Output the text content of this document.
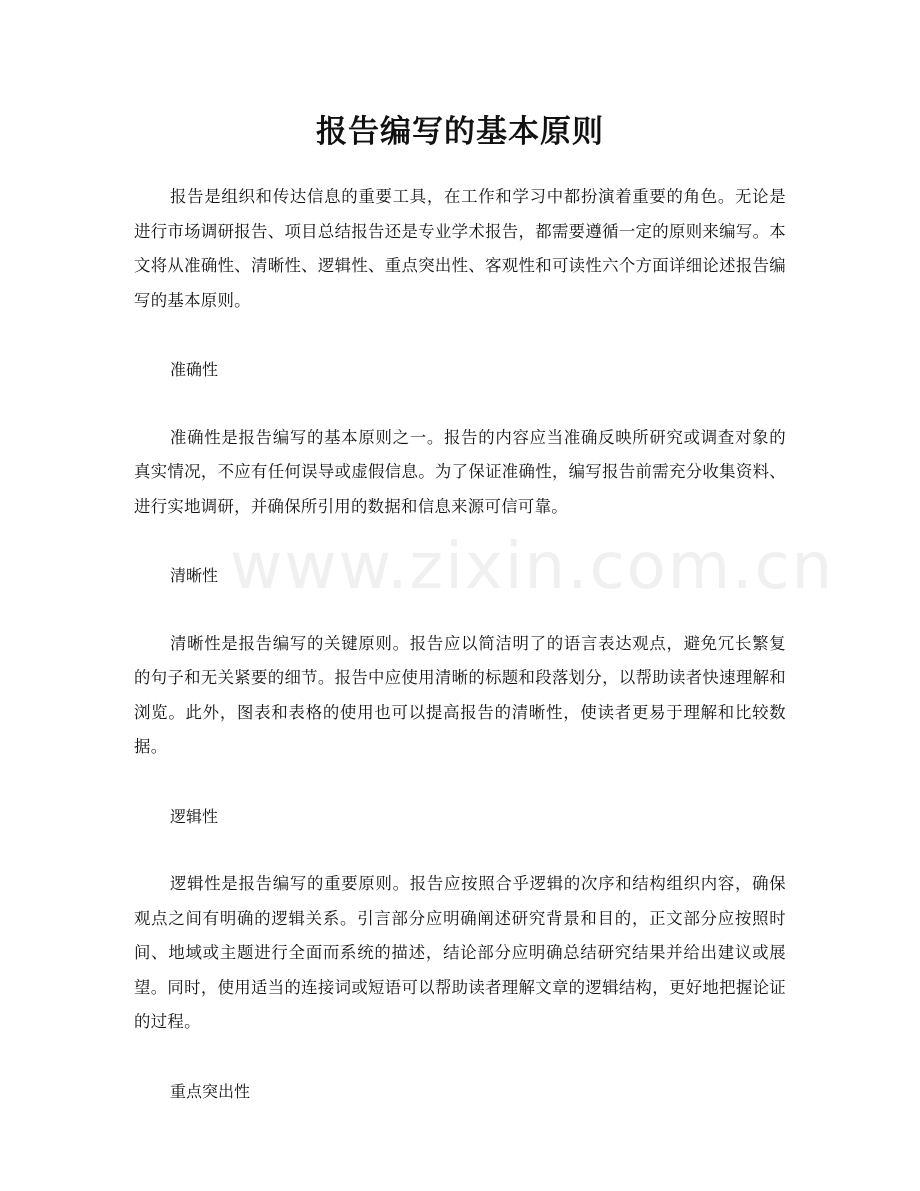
www.zixin.com.cn
报告编写的基本原则

报告是组织和传达信息的重要工具，在工作和学习中都扮演着重要的角色。无论是进行市场调研报告、项目总结报告还是专业学术报告，都需要遵循一定的原则来编写。本文将从准确性、清晰性、逻辑性、重点突出性、客观性和可读性六个方面详细论述报告编写的基本原则。

准确性

准确性是报告编写的基本原则之一。报告的内容应当准确反映所研究或调查对象的真实情况，不应有任何误导或虚假信息。为了保证准确性，编写报告前需充分收集资料、进行实地调研，并确保所引用的数据和信息来源可信可靠。

清晰性

清晰性是报告编写的关键原则。报告应以简洁明了的语言表达观点，避免冗长繁复的句子和无关紧要的细节。报告中应使用清晰的标题和段落划分，以帮助读者快速理解和浏览。此外，图表和表格的使用也可以提高报告的清晰性，使读者更易于理解和比较数据。

逻辑性

逻辑性是报告编写的重要原则。报告应按照合乎逻辑的次序和结构组织内容，确保观点之间有明确的逻辑关系。引言部分应明确阐述研究背景和目的，正文部分应按照时间、地域或主题进行全面而系统的描述，结论部分应明确总结研究结果并给出建议或展望。同时，使用适当的连接词或短语可以帮助读者理解文章的逻辑结构，更好地把握论证的过程。

重点突出性
